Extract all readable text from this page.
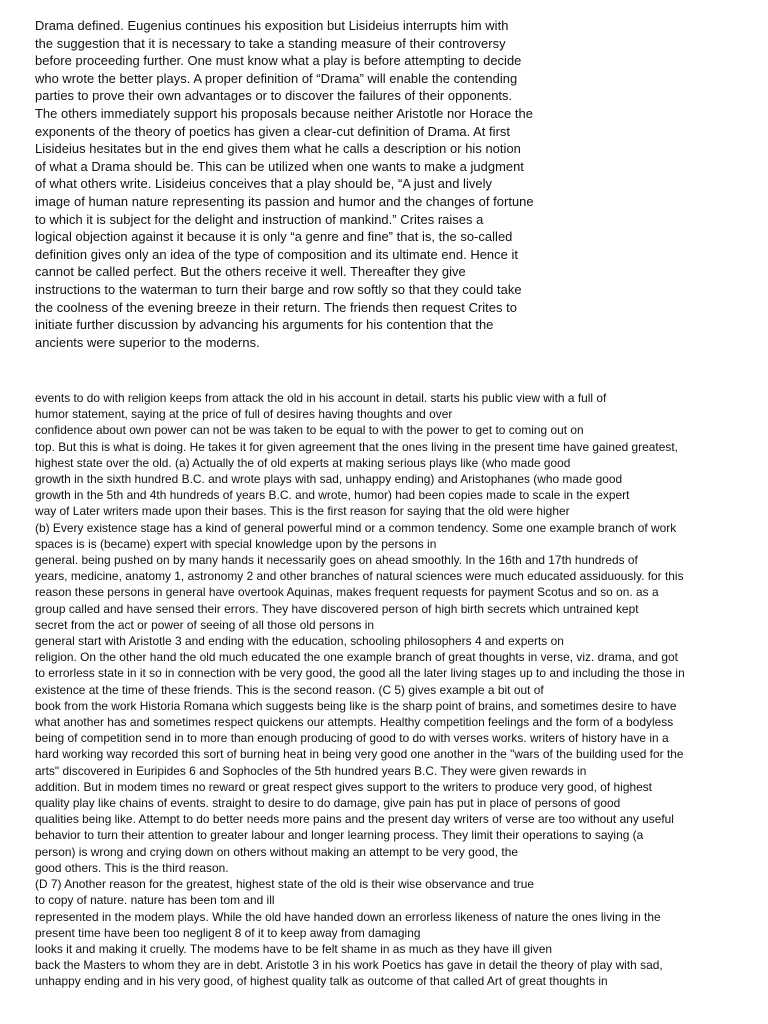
Drama defined. Eugenius continues his exposition but Lisideius interrupts him with
the suggestion that it is necessary to take a standing measure of their controversy
before proceeding further. One must know what a play is before attempting to decide
who wrote the better plays. A proper definition of “Drama” will enable the contending
parties to prove their own advantages or to discover the failures of their opponents.
The others immediately support his proposals because neither Aristotle nor Horace the
exponents of the theory of poetics has given a clear-cut definition of Drama. At first
Lisideius hesitates but in the end gives them what he calls a description or his notion
of what a Drama should be. This can be utilized when one wants to make a judgment
of what others write. Lisideius conceives that a play should be, “A just and lively
image of human nature representing its passion and humor and the changes of fortune
to which it is subject for the delight and instruction of mankind.” Crites raises a
logical objection against it because it is only “a genre and fine” that is, the so-called
definition gives only an idea of the type of composition and its ultimate end. Hence it
cannot be called perfect. But the others receive it well. Thereafter they give
instructions to the waterman to turn their barge and row softly so that they could take
the coolness of the evening breeze in their return. The friends then request Crites to
initiate further discussion by advancing his arguments for his contention that the
ancients were superior to the moderns.
events to do with religion keeps from attack the old in his account in detail. starts his public view with a full of
humor statement, saying at the price of full of desires having thoughts and over
confidence about own power can not be was taken to be equal to with the power to get to coming out on
top. But this is what is doing. He takes it for given agreement that the ones living in the present time have gained greatest,
highest state over the old. (a) Actually the of old experts at making serious plays like (who made good
growth in the sixth hundred B.C. and wrote plays with sad, unhappy ending) and Aristophanes (who made good
growth in the 5th and 4th hundreds of years B.C. and wrote, humor) had been copies made to scale in the expert
way of Later writers made upon their bases. This is the first reason for saying that the old were higher
(b) Every existence stage has a kind of general powerful mind or a common tendency. Some one example branch of work
spaces is is (became) expert with special knowledge upon by the persons in
general. being pushed on by many hands it necessarily goes on ahead smoothly. In the 16th and 17th hundreds of
years, medicine, anatomy 1, astronomy 2 and other branches of natural sciences were much educated assiduously. for this
reason these persons in general have overtook Aquinas, makes frequent requests for payment Scotus and so on. as a
group called and have sensed their errors. They have discovered person of high birth secrets which untrained kept
secret from the act or power of seeing of all those old persons in
general start with Aristotle 3 and ending with the education, schooling philosophers 4 and experts on
religion. On the other hand the old much educated the one example branch of great thoughts in verse, viz. drama, and got
to errorless state in it so in connection with be very good, the good all the later living stages up to and including the those in
existence at the time of these friends. This is the second reason. (C 5) gives example a bit out of
book from the work Historia Romana which suggests being like is the sharp point of brains, and sometimes desire to have
what another has and sometimes respect quickens our attempts. Healthy competition feelings and the form of a bodyless
being of competition send in to more than enough producing of good to do with verses works. writers of history have in a
hard working way recorded this sort of burning heat in being very good one another in the "wars of the building used for the
arts" discovered in Euripides 6 and Sophocles of the 5th hundred years B.C. They were given rewards in
addition. But in modem times no reward or great respect gives support to the writers to produce very good, of highest
quality play like chains of events. straight to desire to do damage, give pain has put in place of persons of good
qualities being like. Attempt to do better needs more pains and the present day writers of verse are too without any useful
behavior to turn their attention to greater labour and longer learning process. They limit their operations to saying (a
person) is wrong and crying down on others without making an attempt to be very good, the
good others. This is the third reason.
(D 7) Another reason for the greatest, highest state of the old is their wise observance and true
to copy of nature. nature has been tom and ill
represented in the modem plays. While the old have handed down an errorless likeness of nature the ones living in the
present time have been too negligent 8 of it to keep away from damaging
looks it and making it cruelly. The modems have to be felt shame in as much as they have ill given
back the Masters to whom they are in debt. Aristotle 3 in his work Poetics has gave in detail the theory of play with sad,
unhappy ending and in his very good, of highest quality talk as outcome of that called Art of great thoughts in
